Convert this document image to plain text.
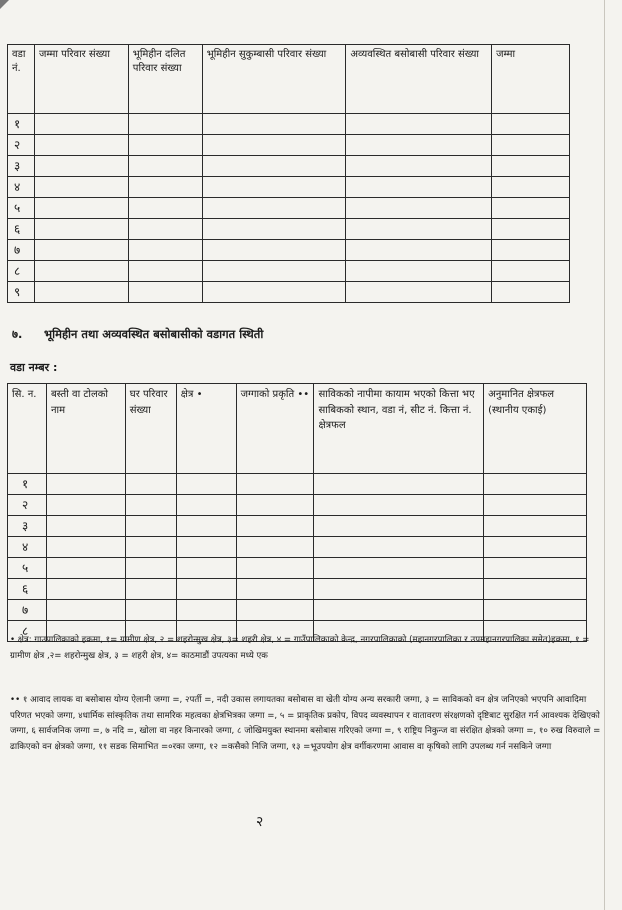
वडा नं.	जम्मा परिवार संख्या	भूमिहीन दलित परिवार संख्या	भूमिहीन सुकुम्बासी परिवार संख्या	अव्यवस्थित बसोबासी परिवार संख्या	जम्मा
१					
२					
३					
४					
५					
६					
७					
८					
९					
७. भूमिहीन तथा अव्यवस्थित बसोबासीको वडागत स्थिती
वडा नम्बर :
सि. न.	बस्ती वा टोलको नाम	घर परिवार संख्या	क्षेत्र •	जग्गाको प्रकृति ••	साविकको नापीमा कायाम भएको कित्ता भए साबिकको स्थान, वडा नं, सीट नं. कित्ता नं. क्षेत्रफल	अनुमानित क्षेत्रफल (स्थानीय एकाई)
१						
२						
३						
४						
५						
६						
७						
८						
• क्षेत्र: गाउपालिकाको हकमा, १= ग्रामीण क्षेत्र, २ = शहरोन्मुख क्षेत्र, ३= शहरी क्षेत्र, ४ = गाउँपालिकाको केन्द्र, नगरपालिकाको (महानगरपालिका र उपमहानगरपालिका समेत)हकमा, १ = ग्रामीण क्षेत्र ,२= शहरोन्मुख क्षेत्र, ३ = शहरी क्षेत्र, ४= काठमाडौं उपत्यका मध्ये एक
•• १ आवाद लायक वा बसोबास योग्य ऐलानी जग्गा =, २पर्ती =, नदी उकास लगायतका बसोबास वा खेती योग्य अन्य सरकारी जग्गा, ३ = साविकको वन क्षेत्र जनिएको भएपनि आवादिमा परिणत भएको जग्गा, ४धार्मिक सांस्कृतिक तथा सामरिक महत्वका क्षेत्रभित्रका जग्गा =, ५ = प्राकृतिक प्रकोप, विपद व्यवस्थापन र वातावरण संरक्षणको दृष्टिबाट सुरक्षित गर्न आवश्यक देखिएको जग्गा, ६ सार्वजनिक जग्गा =, ७ नदि =, खोला वा नहर किनारको जग्गा, ८ जोखिमयुक्त स्थानमा बसोबास गरिएको जग्गा =, ९ राष्ट्रिय निकुन्ज वा संरक्षित क्षेत्रको जग्गा =, १० रुख विरुवाले = ढाकिएको वन क्षेत्रको जग्गा, ११ सडक सिमाभित =०रका जग्गा, १२ =कसैको निजि जग्गा, १३ =भूउपयोग क्षेत्र वर्गीकरणमा आवास वा कृषिको लागि उपलब्ध गर्न नसकिने जग्गा
२
